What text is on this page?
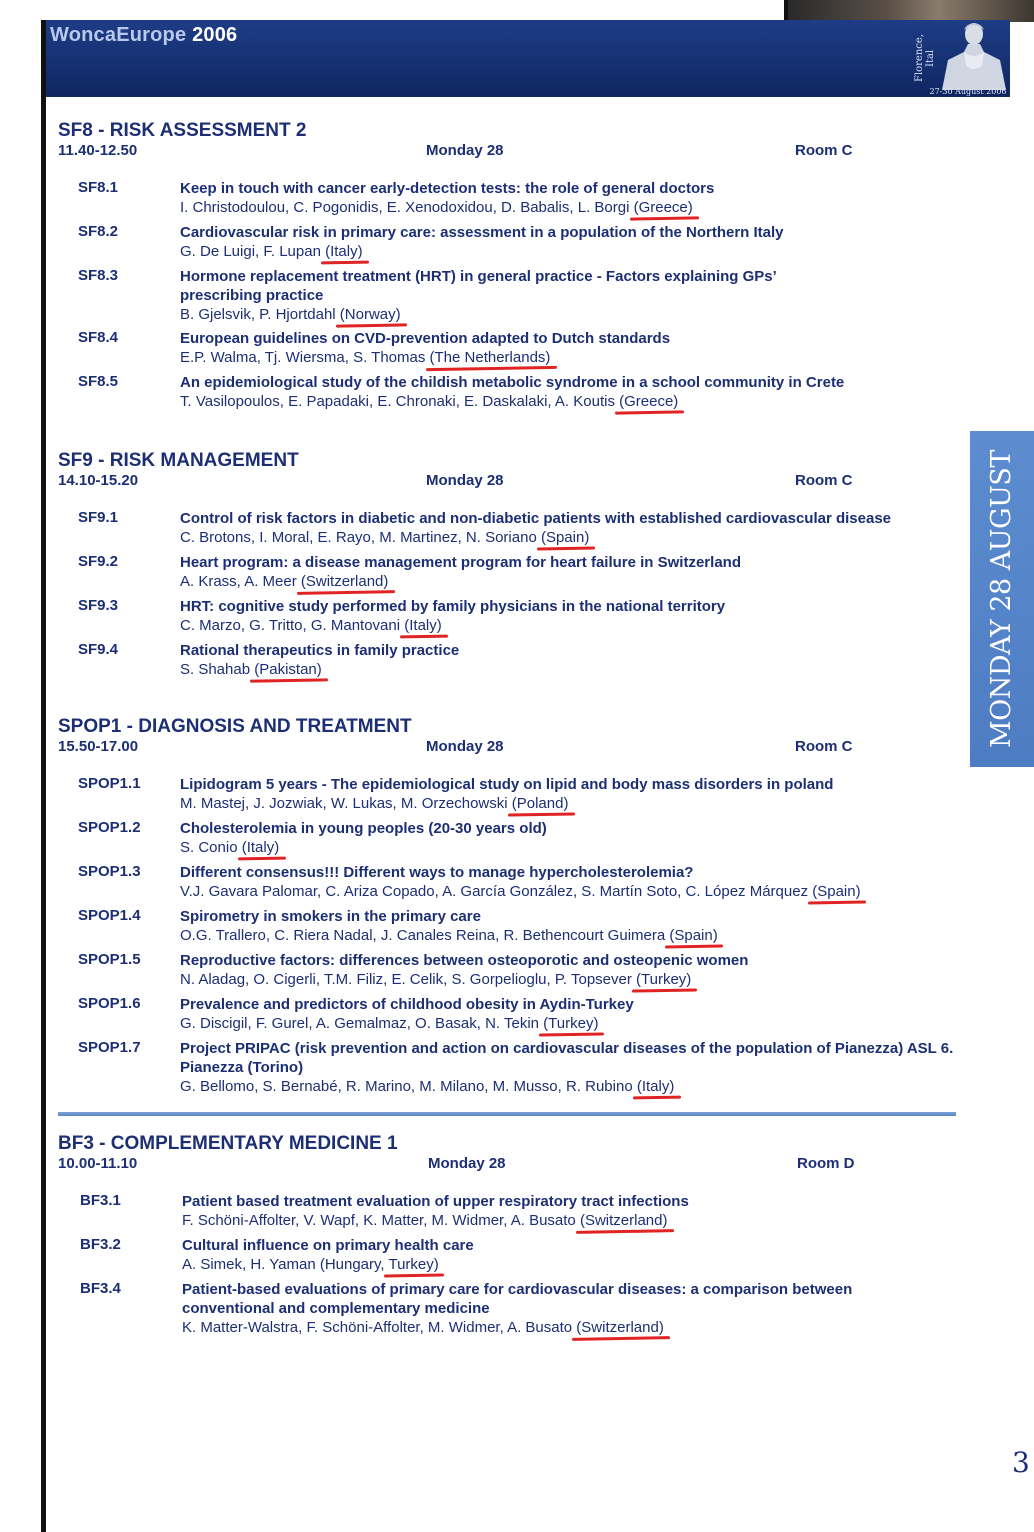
WoncaEurope 2006	Florence, Ital
27-30 August 2006
MONDAY 28 AUGUST
SF8 - RISK ASSESSMENT 2
11.40-12.50	Monday 28	Room C
SF8.1	Keep in touch with cancer early-detection tests: the role of general doctors
I. Christodoulou, C. Pogonidis, E. Xenodoxidou, D. Babalis, L. Borgi (Greece)
SF8.2	Cardiovascular risk in primary care: assessment in a population of the Northern Italy
G. De Luigi, F. Lupan (Italy)
SF8.3	Hormone replacement treatment (HRT) in general practice - Factors explaining GPs’ prescribing practice
B. Gjelsvik, P. Hjortdahl (Norway)
SF8.4	European guidelines on CVD-prevention adapted to Dutch standards
E.P. Walma, Tj. Wiersma, S. Thomas (The Netherlands)
SF8.5	An epidemiological study of the childish metabolic syndrome in a school community in Crete
T. Vasilopoulos, E. Papadaki, E. Chronaki, E. Daskalaki, A. Koutis (Greece)
SF9 - RISK MANAGEMENT
14.10-15.20	Monday 28	Room C
SF9.1	Control of risk factors in diabetic and non-diabetic patients with established cardiovascular disease
C. Brotons, I. Moral, E. Rayo, M. Martinez, N. Soriano (Spain)
SF9.2	Heart program: a disease management program for heart failure in Switzerland
A. Krass, A. Meer (Switzerland)
SF9.3	HRT: cognitive study performed by family physicians in the national territory
C. Marzo, G. Tritto, G. Mantovani (Italy)
SF9.4	Rational therapeutics in family practice
S. Shahab (Pakistan)
SPOP1 - DIAGNOSIS AND TREATMENT
15.50-17.00	Monday 28	Room C
SPOP1.1	Lipidogram 5 years - The epidemiological study on lipid and body mass disorders in poland
M. Mastej, J. Jozwiak, W. Lukas, M. Orzechowski (Poland)
SPOP1.2	Cholesterolemia in young peoples (20-30 years old)
S. Conio (Italy)
SPOP1.3	Different consensus!!! Different ways to manage hypercholesterolemia?
V.J. Gavara Palomar, C. Ariza Copado, A. García González, S. Martín Soto, C. López Márquez (Spain)
SPOP1.4	Spirometry in smokers in the primary care
O.G. Trallero, C. Riera Nadal, J. Canales Reina, R. Bethencourt Guimera (Spain)
SPOP1.5	Reproductive factors: differences between osteoporotic and osteopenic women
N. Aladag, O. Cigerli, T.M. Filiz, E. Celik, S. Gorpelioglu, P. Topsever (Turkey)
SPOP1.6	Prevalence and predictors of childhood obesity in Aydin-Turkey
G. Discigil, F. Gurel, A. Gemalmaz, O. Basak, N. Tekin (Turkey)
SPOP1.7	Project PRIPAC (risk prevention and action on cardiovascular diseases of the population of Pianezza) ASL 6. Pianezza (Torino)
G. Bellomo, S. Bernabé, R. Marino, M. Milano, M. Musso, R. Rubino (Italy)
BF3 - COMPLEMENTARY MEDICINE 1
10.00-11.10	Monday 28	Room D
BF3.1	Patient based treatment evaluation of upper respiratory tract infections
F. Schöni-Affolter, V. Wapf, K. Matter, M. Widmer, A. Busato (Switzerland)
BF3.2	Cultural influence on primary health care
A. Simek, H. Yaman (Hungary, Turkey)
BF3.4	Patient-based evaluations of primary care for cardiovascular diseases: a comparison between conventional and complementary medicine
K. Matter-Walstra, F. Schöni-Affolter, M. Widmer, A. Busato (Switzerland)
3
